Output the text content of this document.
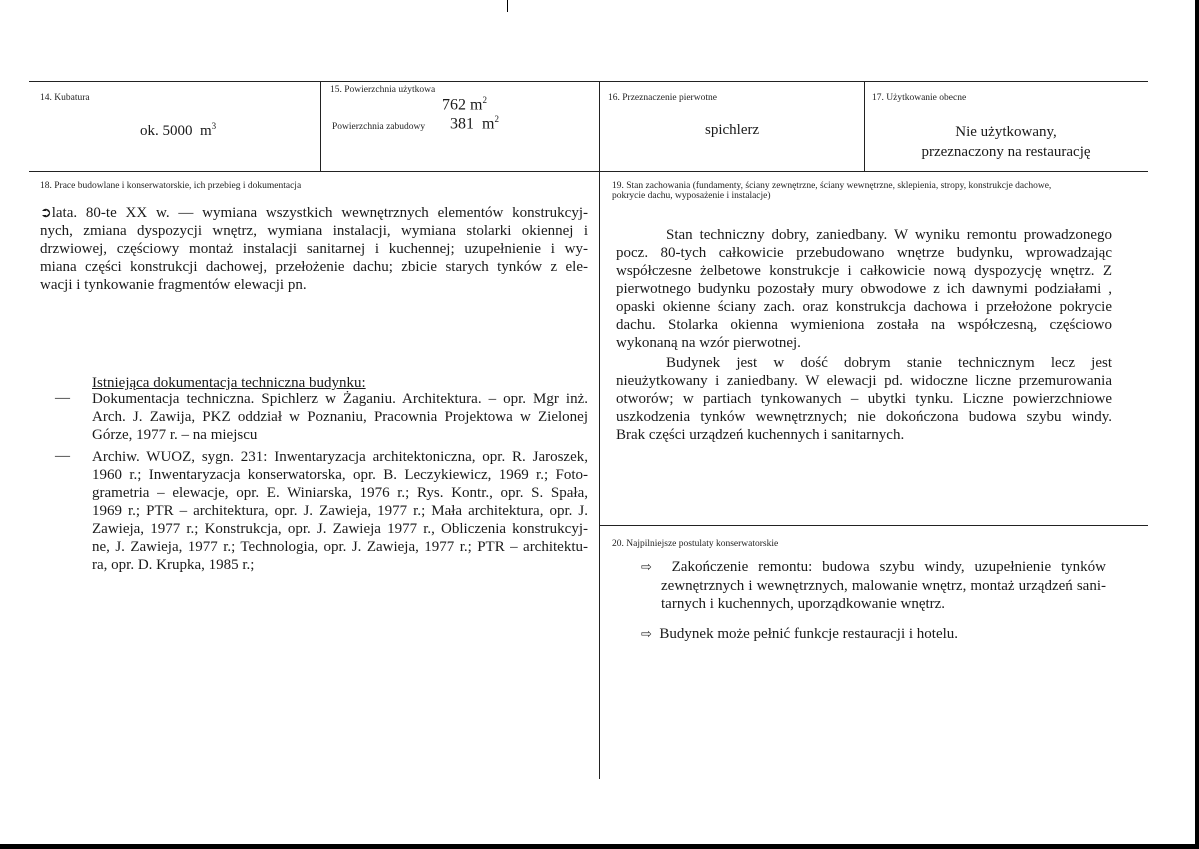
14. Kubatura
ok. 5000 $m^3$
15. Powierzchnia użytkowa
762 $m^2$
Powierzchnia zabudowy 381 $m^2$
16. Przeznaczenie pierwotne
spichlerz
17. Użytkowanie obecne
Nie użytkowany,
przeznaczony na restaurację
18. Prace budowlane i konserwatorskie, ich przebieg i dokumentacja
➲lata. 80-te XX w. — wymiana wszystkich wewnętrznych elementów konstrukcyj-
nych, zmiana dyspozycji wnętrz, wymiana instalacji, wymiana stolarki okiennej i
drzwiowej, częściowy montaż instalacji sanitarnej i kuchennej; uzupełnienie i wy-
miana części konstrukcji dachowej, przełożenie dachu; zbicie starych tynków z ele-
wacji i tynkowanie fragmentów elewacji pn.
Istniejąca dokumentacja techniczna budynku:
— Dokumentacja techniczna. Spichlerz w Żaganiu. Architektura. – opr. Mgr inż.
Arch. J. Zawija, PKZ oddział w Poznaniu, Pracownia Projektowa w Zielonej
Górze, 1977 r. – na miejscu
— Archiw. WUOZ, sygn. 231: Inwentaryzacja architektoniczna, opr. R. Jaroszek,
1960 r.; Inwentaryzacja konserwatorska, opr. B. Leczykiewicz, 1969 r.; Foto-
grametria – elewacje, opr. E. Winiarska, 1976 r.; Rys. Kontr., opr. S. Spała,
1969 r.; PTR – architektura, opr. J. Zawieja, 1977 r.; Mała architektura, opr. J.
Zawieja, 1977 r.; Konstrukcja, opr. J. Zawieja 1977 r., Obliczenia konstrukcyj-
ne, J. Zawieja, 1977 r.; Technologia, opr. J. Zawieja, 1977 r.; PTR – architektu-
ra, opr. D. Krupka, 1985 r.;
19. Stan zachowania (fundamenty, ściany zewnętrzne, ściany wewnętrzne, sklepienia, stropy, konstrukcje dachowe,
pokrycie dachu, wyposażenie i instalacje)
Stan techniczny dobry, zaniedbany. W wyniku remontu prowadzonego
pocz. 80-tych całkowicie przebudowano wnętrze budynku, wprowadzając
współczesne żelbetowe konstrukcje i całkowicie nową dyspozycję wnętrz. Z
pierwotnego budynku pozostały mury obwodowe z ich dawnymi podziałami ,
opaski okienne ściany zach. oraz konstrukcja dachowa i przełożone pokrycie
dachu. Stolarka okienna wymieniona została na współczesną, częściowo
wykonaną na wzór pierwotnej.
Budynek jest w dość dobrym stanie technicznym lecz jest
nieużytkowany i zaniedbany. W elewacji pd. widoczne liczne przemurowania
otworów; w partiach tynkowanych – ubytki tynku. Liczne powierzchniowe
uszkodzenia tynków wewnętrznych; nie dokończona budowa szybu windy.
Brak części urządzeń kuchennych i sanitarnych.
20. Najpilniejsze postulaty konserwatorskie
⇨ Zakończenie remontu: budowa szybu windy, uzupełnienie tynków
zewnętrznych i wewnętrznych, malowanie wnętrz, montaż urządzeń sani-
tarnych i kuchennych, uporządkowanie wnętrz.
⇨ Budynek może pełnić funkcje restauracji i hotelu.
